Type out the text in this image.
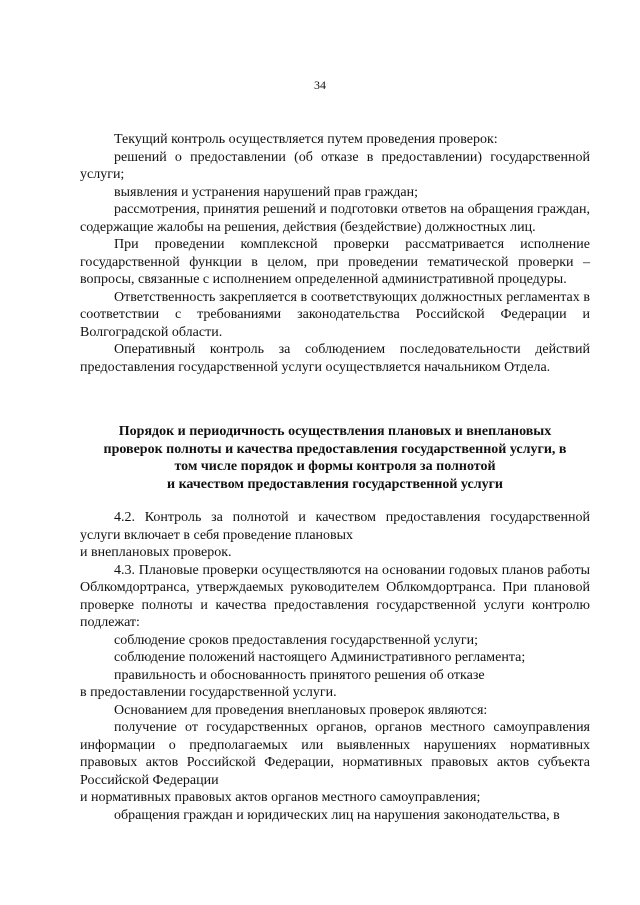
34

Текущий контроль осуществляется путем проведения проверок:

решений о предоставлении (об отказе в предоставлении) государственной услуги;

выявления и устранения нарушений прав граждан;

рассмотрения, принятия решений и подготовки ответов на обращения граждан, содержащие жалобы на решения, действия (бездействие) должностных лиц.

При проведении комплексной проверки рассматривается исполнение государственной функции в целом, при проведении тематической проверки – вопросы, связанные с исполнением определенной административной процедуры.

Ответственность закрепляется в соответствующих должностных регламентах в соответствии с требованиями законодательства Российской Федерации и Волгоградской области.

Оперативный контроль за соблюдением последовательности действий предоставления государственной услуги осуществляется начальником Отдела.

Порядок и периодичность осуществления плановых и внеплановых
проверок полноты и качества предоставления государственной услуги, в
том числе порядок и формы контроля за полнотой
и качеством предоставления государственной услуги

4.2. Контроль за полнотой и качеством предоставления государственной услуги включает в себя проведение плановых

и внеплановых проверок.

4.3. Плановые проверки осуществляются на основании годовых планов работы Облкомдортранса, утверждаемых руководителем Облкомдортранса. При плановой проверке полноты и качества предоставления государственной услуги контролю подлежат:

соблюдение сроков предоставления государственной услуги;

соблюдение положений настоящего Административного регламента;

правильность и обоснованность принятого решения об отказе

в предоставлении государственной услуги.

Основанием для проведения внеплановых проверок являются:

получение от государственных органов, органов местного самоуправления информации о предполагаемых или выявленных нарушениях нормативных правовых актов Российской Федерации, нормативных правовых актов субъекта Российской Федерации

и нормативных правовых актов органов местного самоуправления;

обращения граждан и юридических лиц на нарушения законодательства, в
